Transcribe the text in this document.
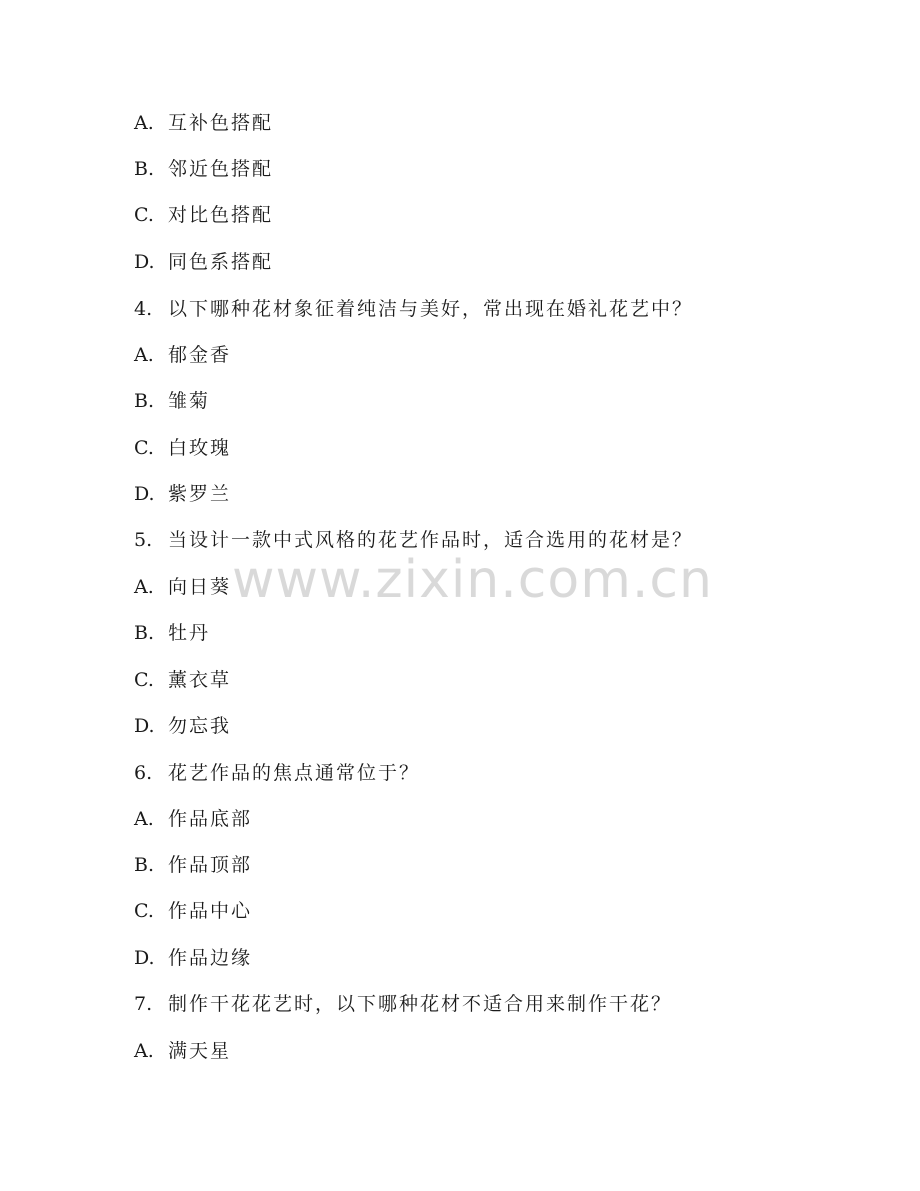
A. 互补色搭配
B. 邻近色搭配
C. 对比色搭配
D. 同色系搭配
4. 以下哪种花材象征着纯洁与美好，常出现在婚礼花艺中？
A. 郁金香
B. 雏菊
C. 白玫瑰
D. 紫罗兰
5. 当设计一款中式风格的花艺作品时，适合选用的花材是？
A. 向日葵
B. 牡丹
C. 薰衣草
D. 勿忘我
6. 花艺作品的焦点通常位于？
A. 作品底部
B. 作品顶部
C. 作品中心
D. 作品边缘
7. 制作干花花艺时，以下哪种花材不适合用来制作干花？
A. 满天星
www.zixin.com.cn
